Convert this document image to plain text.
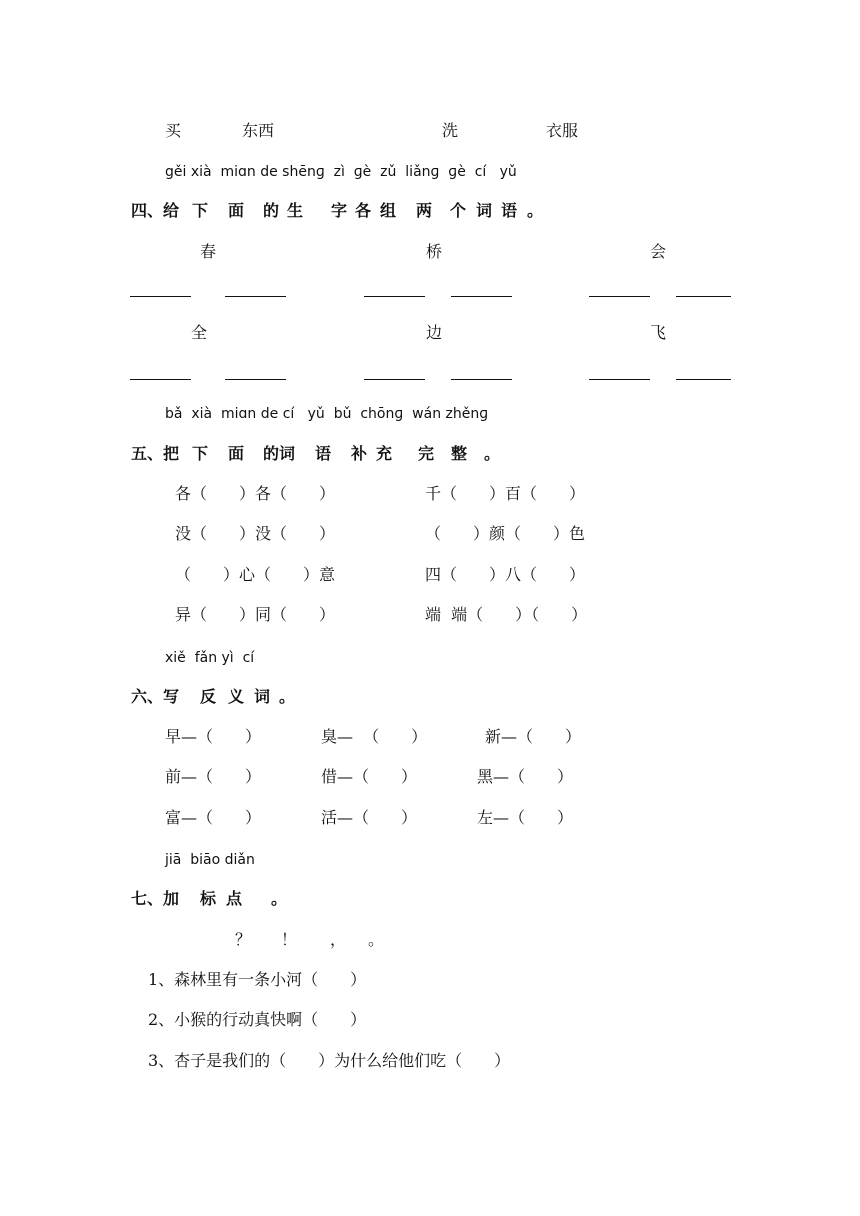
买	东西	洗	衣服
gěi xià  miɑn de shēnɡ  zì  ɡè  zǔ  liǎnɡ  ɡè  cí   yǔ
四、给 下 面 的 生 字 各 组 两 个 词 语 。
春	桥	会
全	边	飞
bǎ  xià  miɑn de cí   yǔ  bǔ  chōnɡ  wán zhěnɡ
五、把 下 面 的词 语 补 充 完 整 。
各（　　）各（　　）	千（　　）百（　　）
没（　　）没（　　）	（　　）颜（　　）色
（　　）心（　　）意	四（　　）八（　　）
异（　　）同（　　）	端  端（　　）（　　）
xiě  fǎn yì  cí
六、写 反 义 词 。
早—（　　）	臭—  （　　）	新—（　　）
前—（　　）	借—（　　）	黑—（　　）
富—（　　）	活—（　　）	左—（　　）
jiā  biāo diǎn
七、加 标 点 。
？ ！ ， 。
1、森林里有一条小河（　　）
2、小猴的行动真快啊（　　）
3、杏子是我们的（　　）为什么给他们吃（　　）
